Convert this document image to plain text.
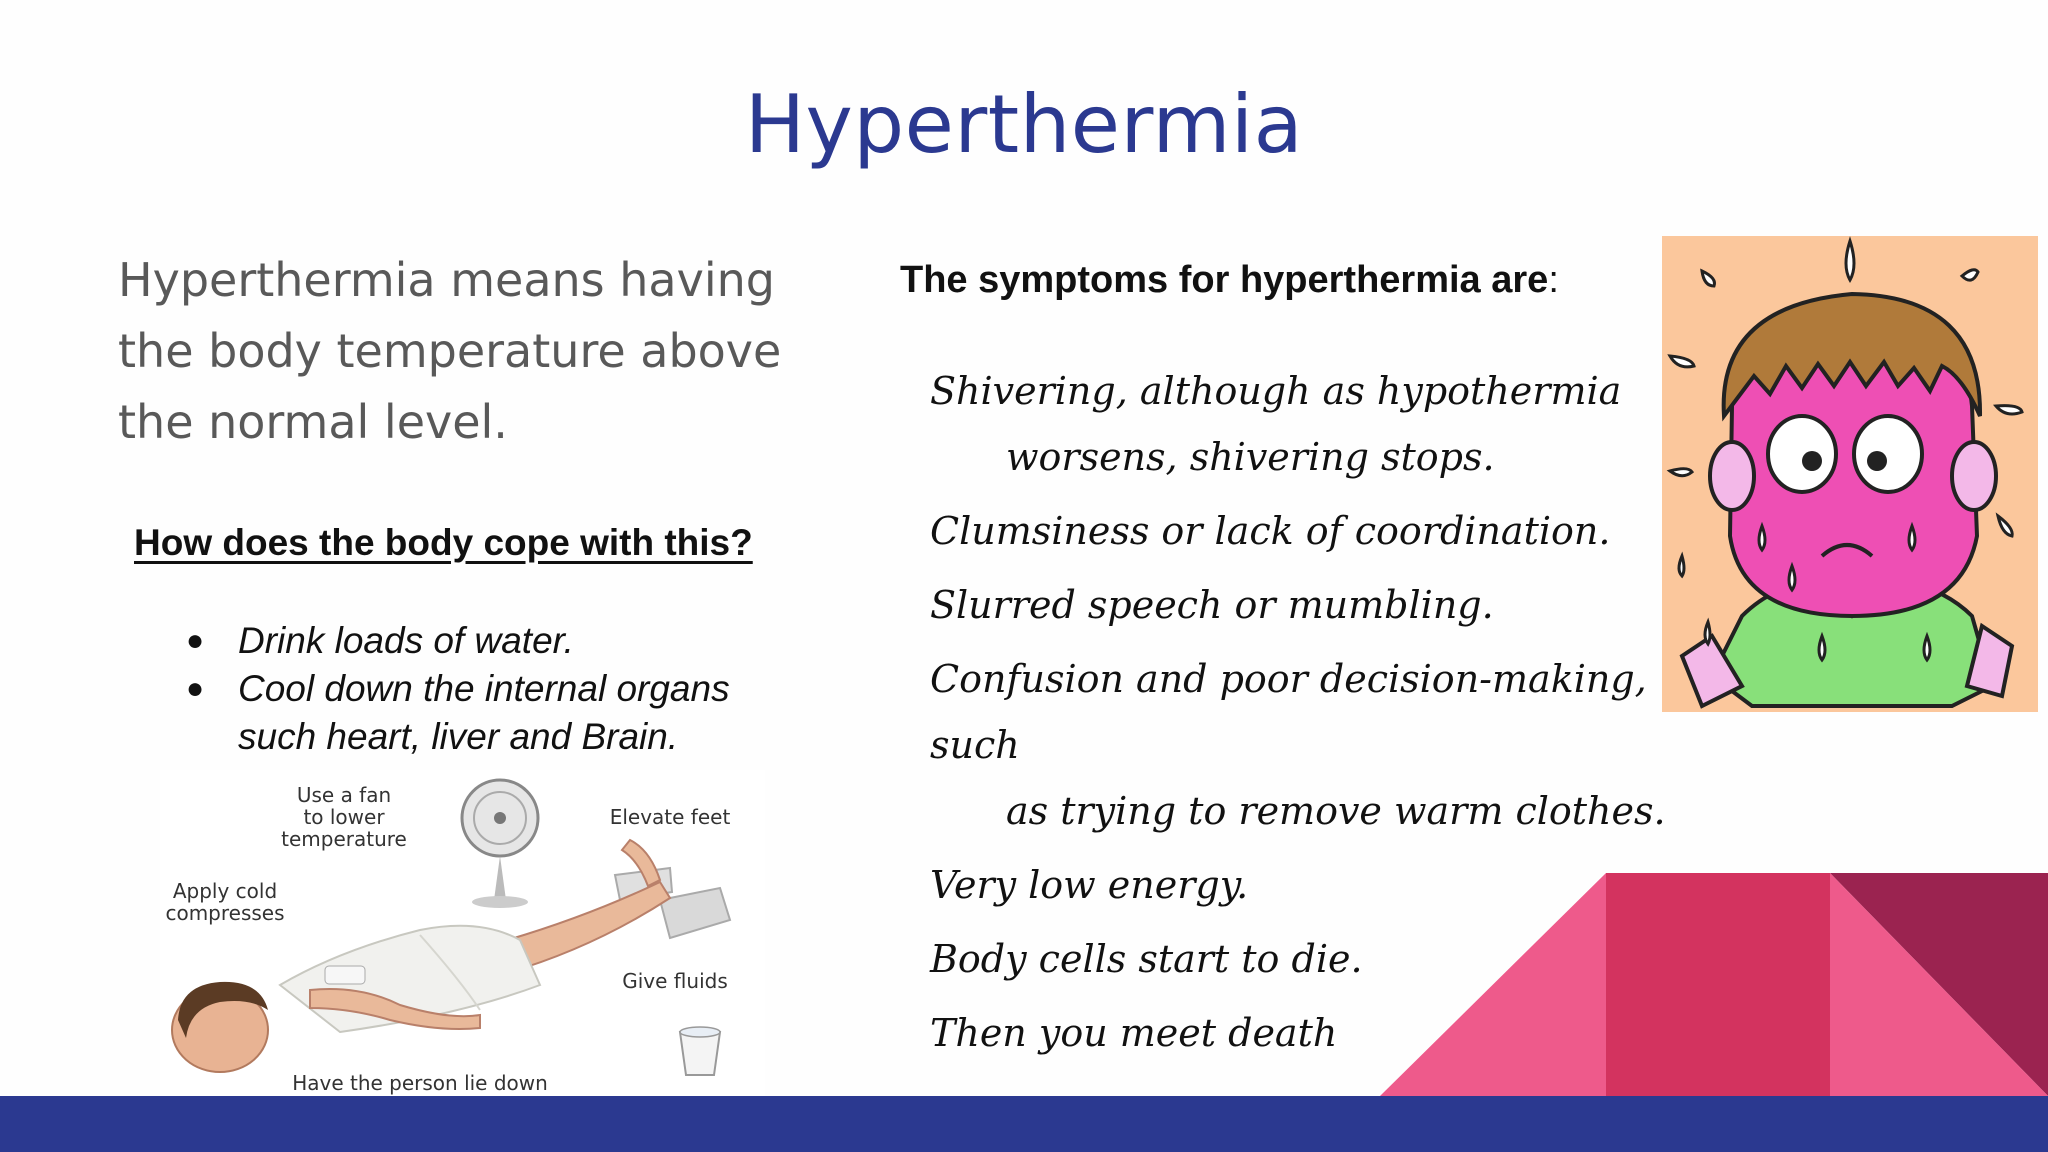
Hyperthermia
Hyperthermia means having the body temperature above the normal level.
How does the body cope with this?
● Drink loads of water.
● Cool down the internal organs such heart, liver and Brain.
The symptoms for hyperthermia are:
Shivering, although as hypothermia
worsens, shivering stops.
Clumsiness or lack of coordination.
Slurred speech or mumbling.
Confusion and poor decision-making, such
as trying to remove warm clothes.
Very low energy.
Body cells start to die.
Then you meet death
Use a fan
to lower
temperature
Elevate feet
Apply cold
compresses
Give fluids
Have the person lie down
